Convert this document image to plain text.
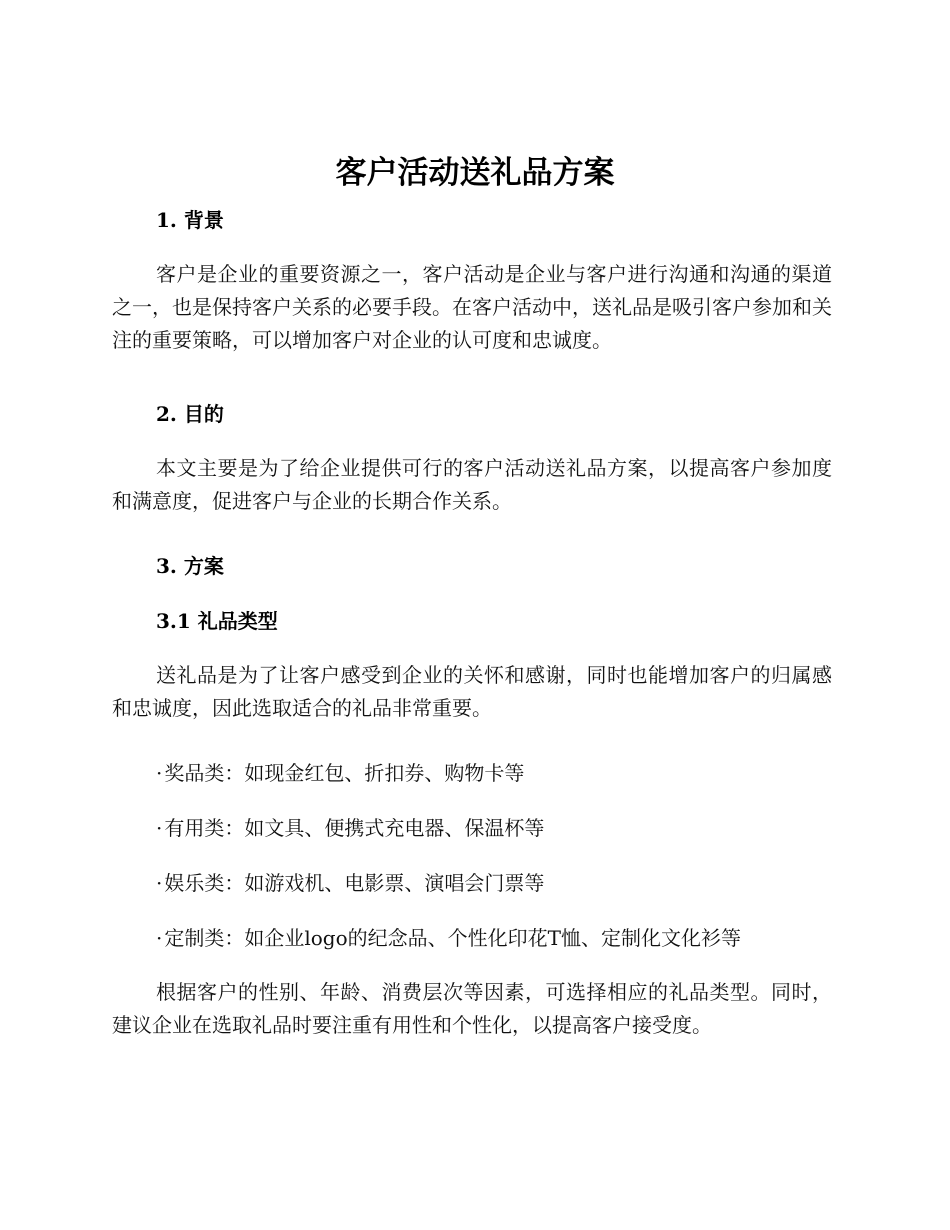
客户活动送礼品方案
1. 背景

客户是企业的重要资源之一，客户活动是企业与客户进行沟通和沟通的渠道之一，也是保持客户关系的必要手段。在客户活动中，送礼品是吸引客户参加和关注的重要策略，可以增加客户对企业的认可度和忠诚度。

2. 目的

本文主要是为了给企业提供可行的客户活动送礼品方案，以提高客户参加度和满意度，促进客户与企业的长期合作关系。

3. 方案
3.1 礼品类型

送礼品是为了让客户感受到企业的关怀和感谢，同时也能增加客户的归属感和忠诚度，因此选取适合的礼品非常重要。

· 奖品类：如现金红包、折扣券、购物卡等

· 有用类：如文具、便携式充电器、保温杯等

· 娱乐类：如游戏机、电影票、演唱会门票等

· 定制类：如企业logo的纪念品、个性化印花T恤、定制化文化衫等

根据客户的性别、年龄、消费层次等因素，可选择相应的礼品类型。同时，建议企业在选取礼品时要注重有用性和个性化，以提高客户接受度。
